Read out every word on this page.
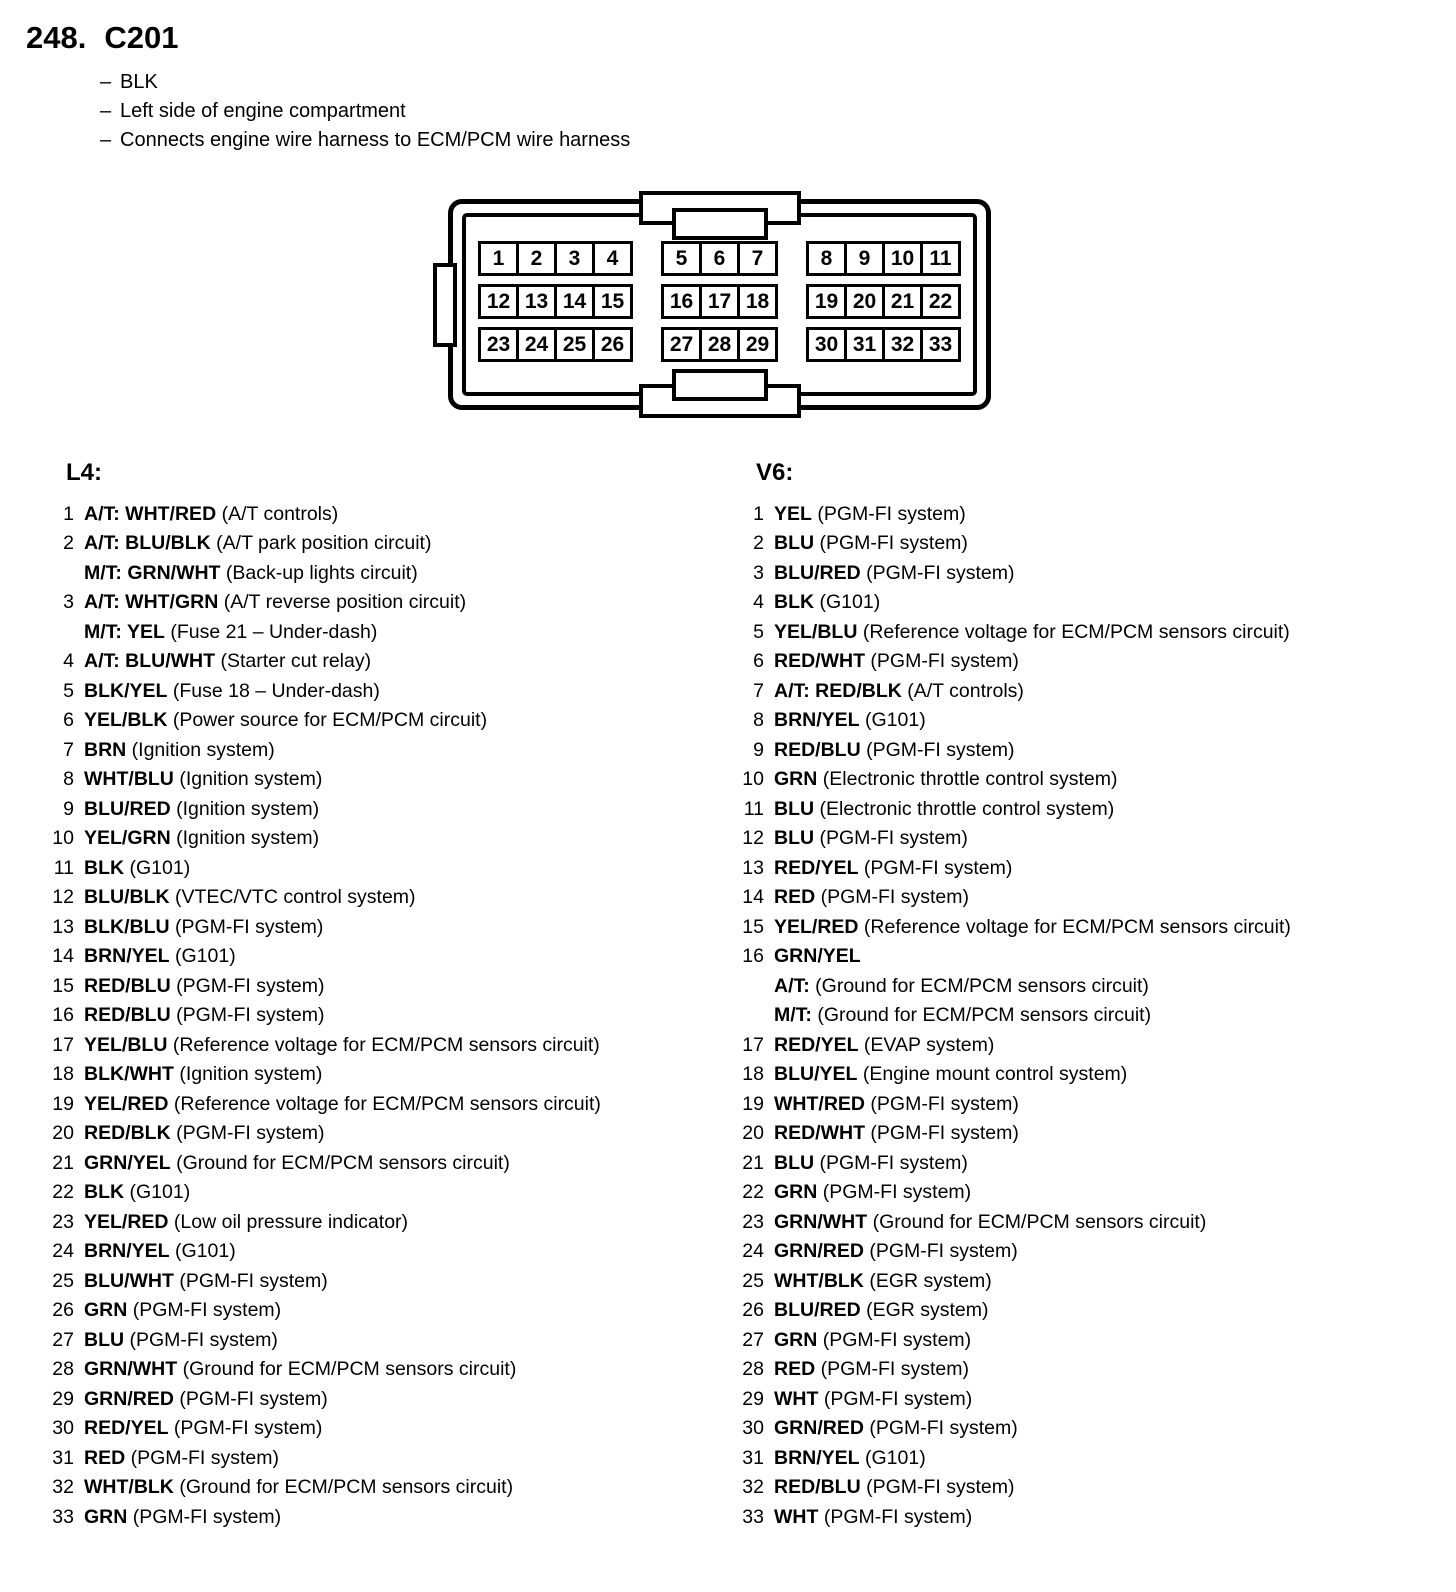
248. C201
– BLK
– Left side of engine compartment
– Connects engine wire harness to ECM/PCM wire harness
1	2	3	4	5	6	7	8	9 10 11
12 13 14 15	16 17 18	19 20 21 22
23 24 25 26	27 28 29	30 31 32 33
L4:
1 A/T: WHT/RED (A/T controls)
2 A/T: BLU/BLK (A/T park position circuit)
M/T: GRN/WHT (Back-up lights circuit)
3 A/T: WHT/GRN (A/T reverse position circuit)
M/T: YEL (Fuse 21 – Under-dash)
4 A/T: BLU/WHT (Starter cut relay)
5 BLK/YEL (Fuse 18 – Under-dash)
6 YEL/BLK (Power source for ECM/PCM circuit)
7 BRN (Ignition system)
8 WHT/BLU (Ignition system)
9 BLU/RED (Ignition system)
10 YEL/GRN (Ignition system)
11 BLK (G101)
12 BLU/BLK (VTEC/VTC control system)
13 BLK/BLU (PGM-FI system)
14 BRN/YEL (G101)
15 RED/BLU (PGM-FI system)
16 RED/BLU (PGM-FI system)
17 YEL/BLU (Reference voltage for ECM/PCM sensors circuit)
18 BLK/WHT (Ignition system)
19 YEL/RED (Reference voltage for ECM/PCM sensors circuit)
20 RED/BLK (PGM-FI system)
21 GRN/YEL (Ground for ECM/PCM sensors circuit)
22 BLK (G101)
23 YEL/RED (Low oil pressure indicator)
24 BRN/YEL (G101)
25 BLU/WHT (PGM-FI system)
26 GRN (PGM-FI system)
27 BLU (PGM-FI system)
28 GRN/WHT (Ground for ECM/PCM sensors circuit)
29 GRN/RED (PGM-FI system)
30 RED/YEL (PGM-FI system)
31 RED (PGM-FI system)
32 WHT/BLK (Ground for ECM/PCM sensors circuit)
33 GRN (PGM-FI system)
V6:
1 YEL (PGM-FI system)
2 BLU (PGM-FI system)
3 BLU/RED (PGM-FI system)
4 BLK (G101)
5 YEL/BLU (Reference voltage for ECM/PCM sensors circuit)
6 RED/WHT (PGM-FI system)
7 A/T: RED/BLK (A/T controls)
8 BRN/YEL (G101)
9 RED/BLU (PGM-FI system)
10 GRN (Electronic throttle control system)
11 BLU (Electronic throttle control system)
12 BLU (PGM-FI system)
13 RED/YEL (PGM-FI system)
14 RED (PGM-FI system)
15 YEL/RED (Reference voltage for ECM/PCM sensors circuit)
16 GRN/YEL
A/T: (Ground for ECM/PCM sensors circuit)
M/T: (Ground for ECM/PCM sensors circuit)
17 RED/YEL (EVAP system)
18 BLU/YEL (Engine mount control system)
19 WHT/RED (PGM-FI system)
20 RED/WHT (PGM-FI system)
21 BLU (PGM-FI system)
22 GRN (PGM-FI system)
23 GRN/WHT (Ground for ECM/PCM sensors circuit)
24 GRN/RED (PGM-FI system)
25 WHT/BLK (EGR system)
26 BLU/RED (EGR system)
27 GRN (PGM-FI system)
28 RED (PGM-FI system)
29 WHT (PGM-FI system)
30 GRN/RED (PGM-FI system)
31 BRN/YEL (G101)
32 RED/BLU (PGM-FI system)
33 WHT (PGM-FI system)
